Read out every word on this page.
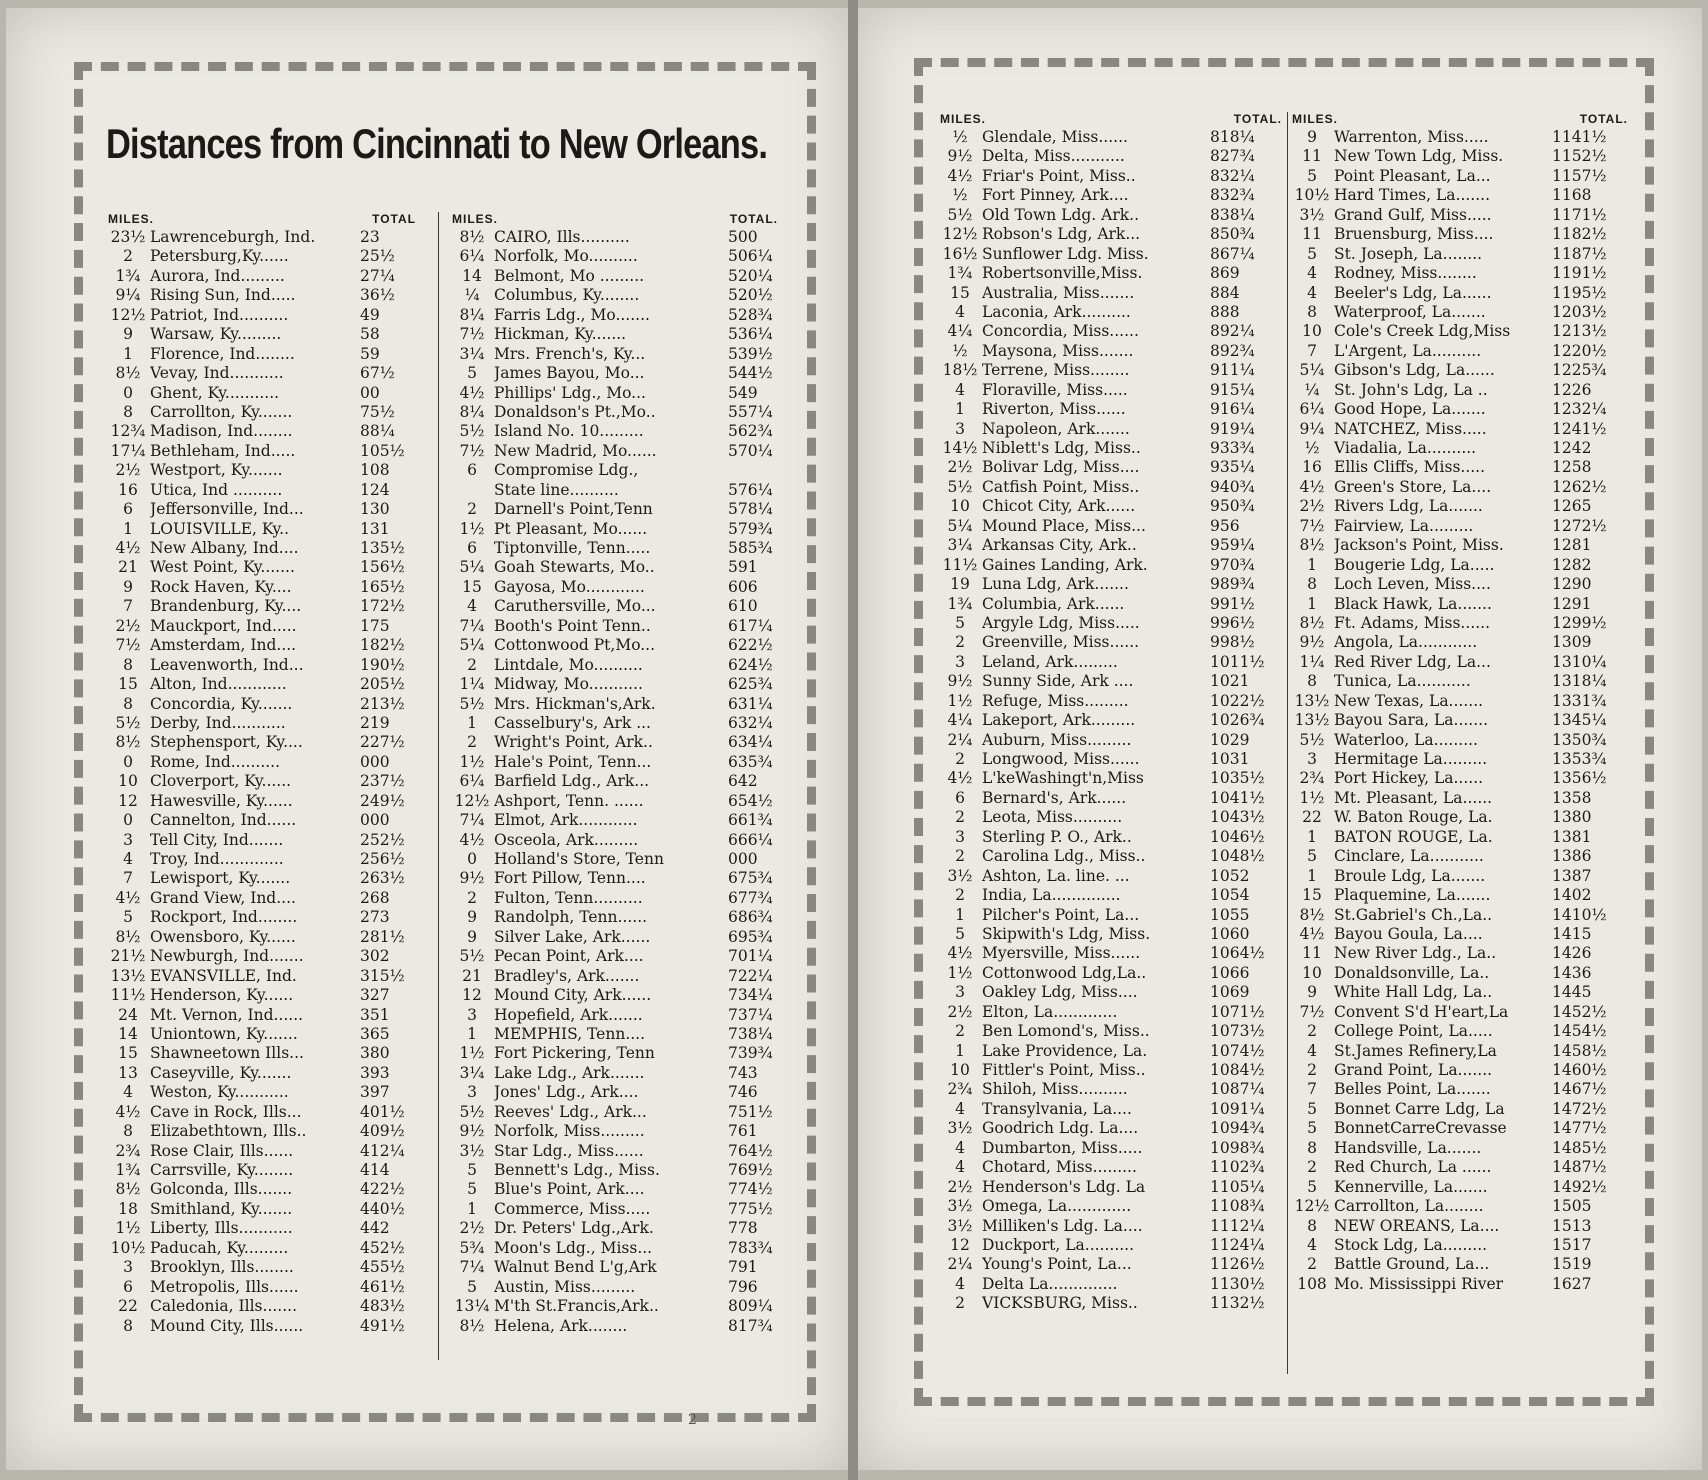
Distances from Cincinnati to New Orleans.
MILES.	TOTAL
23½ Lawrenceburgh, Ind.	23
2	Petersburg,Ky......	25½
1¾ Aurora, Ind.........	27¼
9¼ Rising Sun, Ind.....	36½
12½ Patriot, Ind..........	49
9	Warsaw, Ky.........	58
1	Florence, Ind........	59
8½ Vevay, Ind...........	67½
0	Ghent, Ky...........	00
8	Carrollton, Ky.......	75½
12¾ Madison, Ind........	88¼
17¼ Bethleham, Ind.....	105½
2½ Westport, Ky.......	108
16 Utica, Ind ..........	124
6	Jeffersonville, Ind...	130
1	LOUISVILLE, Ky..	131
4½ New Albany, Ind....	135½
21 West Point, Ky.......	156½
9	Rock Haven, Ky....	165½
7	Brandenburg, Ky....	172½
2½ Mauckport, Ind.....	175
7½ Amsterdam, Ind....	182½
8	Leavenworth, Ind...	190½
15 Alton, Ind............	205½
8	Concordia, Ky.......	213½
5½ Derby, Ind...........	219
8½ Stephensport, Ky....	227½
0	Rome, Ind..........	000
10 Cloverport, Ky......	237½
12 Hawesville, Ky......	249½
0	Cannelton, Ind......	000
3	Tell City, Ind.......	252½
4	Troy, Ind.............	256½
7	Lewisport, Ky.......	263½
4½ Grand View, Ind....	268
5	Rockport, Ind........	273
8½ Owensboro, Ky......	281½
21½ Newburgh, Ind.......	302
13½ EVANSVILLE, Ind.	315½
11½ Henderson, Ky......	327
24 Mt. Vernon, Ind......	351
14 Uniontown, Ky.......	365
15 Shawneetown Ills...	380
13 Caseyville, Ky.......	393
4	Weston, Ky...........	397
4½ Cave in Rock, Ills...	401½
8	Elizabethtown, Ills..	409½
2¾ Rose Clair, Ills......	412¼
1¾ Carrsville, Ky........	414
8½ Golconda, Ills.......	422½
18 Smithland, Ky.......	440½
1½ Liberty, Ills...........	442
10½ Paducah, Ky.........	452½
3	Brooklyn, Ills........	455½
6	Metropolis, Ills......	461½
22 Caledonia, Ills.......	483½
8	Mound City, Ills......	491½
MILES.	TOTAL.
8½ CAIRO, Ills..........	500
6¼ Norfolk, Mo..........	506¼
14 Belmont, Mo .........	520¼
¼ Columbus, Ky........	520½
8¼ Farris Ldg., Mo.......	528¾
7½ Hickman, Ky.......	536¼
3¼ Mrs. French's, Ky...	539½
5	James Bayou, Mo...	544½
4½ Phillips' Ldg., Mo...	549
8¼ Donaldson's Pt.,Mo..	557¼
5½ Island No. 10.........	562¾
7½ New Madrid, Mo......	570¼
6	Compromise Ldg.,
State line..........	576¼
2	Darnell's Point,Tenn	578¼
1½ Pt Pleasant, Mo......	579¾
6	Tiptonville, Tenn.....	585¾
5¼ Goah Stewarts, Mo..	591
15 Gayosa, Mo............	606
4	Caruthersville, Mo...	610
7¼ Booth's Point Tenn..	617¼
5¼ Cottonwood Pt,Mo...	622½
2	Lintdale, Mo..........	624½
1¼ Midway, Mo...........	625¾
5½ Mrs. Hickman's,Ark.	631¼
1	Casselbury's, Ark ...	632¼
2	Wright's Point, Ark..	634¼
1½ Hale's Point, Tenn...	635¾
6¼ Barfield Ldg., Ark...	642
12½ Ashport, Tenn. ......	654½
7¼ Elmot, Ark............	661¾
4½ Osceola, Ark.........	666¼
0	Holland's Store, Tenn	000
9½ Fort Pillow, Tenn....	675¾
2	Fulton, Tenn..........	677¾
9	Randolph, Tenn......	686¾
9	Silver Lake, Ark......	695¾
5½ Pecan Point, Ark....	701¼
21 Bradley's, Ark.......	722¼
12 Mound City, Ark......	734¼
3	Hopefield, Ark.......	737¼
1	MEMPHIS, Tenn....	738¼
1½ Fort Pickering, Tenn	739¾
3¼ Lake Ldg., Ark.......	743
3	Jones' Ldg., Ark....	746
5½ Reeves' Ldg., Ark...	751½
9½ Norfolk, Miss.........	761
3½ Star Ldg., Miss......	764½
5	Bennett's Ldg., Miss.	769½
5	Blue's Point, Ark....	774½
1	Commerce, Miss.....	775½
2½ Dr. Peters' Ldg.,Ark.	778
5¾ Moon's Ldg., Miss...	783¾
7¼ Walnut Bend L'g,Ark	791
5	Austin, Miss.........	796
13¼ M'th St.Francis,Ark..	809¼
8½ Helena, Ark........	817¾
2
MILES.	TOTAL.
½ Glendale, Miss......	818¼
9½ Delta, Miss...........	827¾
4½ Friar's Point, Miss..	832¼
½ Fort Pinney, Ark....	832¾
5½ Old Town Ldg. Ark..	838¼
12½ Robson's Ldg, Ark...	850¾
16½ Sunflower Ldg. Miss.	867¼
1¾ Robertsonville,Miss.	869
15 Australia, Miss.......	884
4	Laconia, Ark..........	888
4¼ Concordia, Miss......	892¼
½ Maysona, Miss.......	892¾
18½ Terrene, Miss........	911¼
4	Floraville, Miss.....	915¼
1	Riverton, Miss......	916¼
3	Napoleon, Ark.......	919¼
14½ Niblett's Ldg, Miss..	933¾
2½ Bolivar Ldg, Miss....	935¼
5½ Catfish Point, Miss..	940¾
10 Chicot City, Ark......	950¾
5¼ Mound Place, Miss...	956
3¼ Arkansas City, Ark..	959¼
11½ Gaines Landing, Ark.	970¾
19 Luna Ldg, Ark.......	989¾
1¾ Columbia, Ark......	991½
5	Argyle Ldg, Miss.....	996½
2	Greenville, Miss......	998½
3	Leland, Ark.........	1011½
9½ Sunny Side, Ark ....	1021
1½ Refuge, Miss.........	1022½
4¼ Lakeport, Ark.........	1026¾
2¼ Auburn, Miss.........	1029
2	Longwood, Miss......	1031
4½ L'keWashingt'n,Miss	1035½
6	Bernard's, Ark......	1041½
2	Leota, Miss..........	1043½
3	Sterling P. O., Ark..	1046½
2	Carolina Ldg., Miss..	1048½
3½ Ashton, La. line. ...	1052
2	India, La..............	1054
1	Pilcher's Point, La...	1055
5	Skipwith's Ldg, Miss.	1060
4½ Myersville, Miss......	1064½
1½ Cottonwood Ldg,La..	1066
3	Oakley Ldg, Miss....	1069
2½ Elton, La.............	1071½
2	Ben Lomond's, Miss..	1073½
1	Lake Providence, La.	1074½
10 Fittler's Point, Miss..	1084½
2¾ Shiloh, Miss..........	1087¼
4	Transylvania, La....	1091¼
3½ Goodrich Ldg. La....	1094¾
4	Dumbarton, Miss.....	1098¾
4	Chotard, Miss.........	1102¾
2½ Henderson's Ldg. La	1105¼
3½ Omega, La.............	1108¾
3½ Milliken's Ldg. La....	1112¼
12 Duckport, La..........	1124¼
2¼ Young's Point, La...	1126½
4	Delta La..............	1130½
2	VICKSBURG, Miss..	1132½
MILES.	TOTAL.
9	Warrenton, Miss.....	1141½
11 New Town Ldg, Miss.	1152½
5	Point Pleasant, La...	1157½
10½ Hard Times, La.......	1168
3½ Grand Gulf, Miss.....	1171½
11 Bruensburg, Miss....	1182½
5	St. Joseph, La........	1187½
4	Rodney, Miss........	1191½
4	Beeler's Ldg, La......	1195½
8	Waterproof, La.......	1203½
10 Cole's Creek Ldg,Miss	1213½
7	L'Argent, La..........	1220½
5¼ Gibson's Ldg, La......	1225¾
¼ St. John's Ldg, La ..	1226
6¼ Good Hope, La.......	1232¼
9¼ NATCHEZ, Miss.....	1241½
½ Viadalia, La..........	1242
16 Ellis Cliffs, Miss.....	1258
4½ Green's Store, La....	1262½
2½ Rivers Ldg, La.......	1265
7½ Fairview, La.........	1272½
8½ Jackson's Point, Miss.	1281
1	Bougerie Ldg, La.....	1282
8	Loch Leven, Miss....	1290
1	Black Hawk, La.......	1291
8½ Ft. Adams, Miss......	1299½
9½ Angola, La............	1309
1¼ Red River Ldg, La...	1310¼
8	Tunica, La...........	1318¼
13½ New Texas, La.......	1331¾
13½ Bayou Sara, La.......	1345¼
5½ Waterloo, La.........	1350¾
3	Hermitage La.........	1353¾
2¾ Port Hickey, La......	1356½
1½ Mt. Pleasant, La......	1358
22 W. Baton Rouge, La.	1380
1	BATON ROUGE, La.	1381
5	Cinclare, La...........	1386
1	Broule Ldg, La.......	1387
15 Plaquemine, La.......	1402
8½ St.Gabriel's Ch.,La..	1410½
4½ Bayou Goula, La....	1415
11 New River Ldg., La..	1426
10 Donaldsonville, La..	1436
9	White Hall Ldg, La..	1445
7½ Convent S'd H'eart,La	1452½
2	College Point, La.....	1454½
4	St.James Refinery,La	1458½
2	Grand Point, La.......	1460½
7	Belles Point, La.......	1467½
5	Bonnet Carre Ldg, La	1472½
5	BonnetCarreCrevasse	1477½
8	Handsville, La.......	1485½
2	Red Church, La ......	1487½
5	Kennerville, La.......	1492½
12½ Carrollton, La........	1505
8	NEW OREANS, La....	1513
4	Stock Ldg, La.........	1517
2	Battle Ground, La...	1519
108 Mo. Mississippi River	1627
